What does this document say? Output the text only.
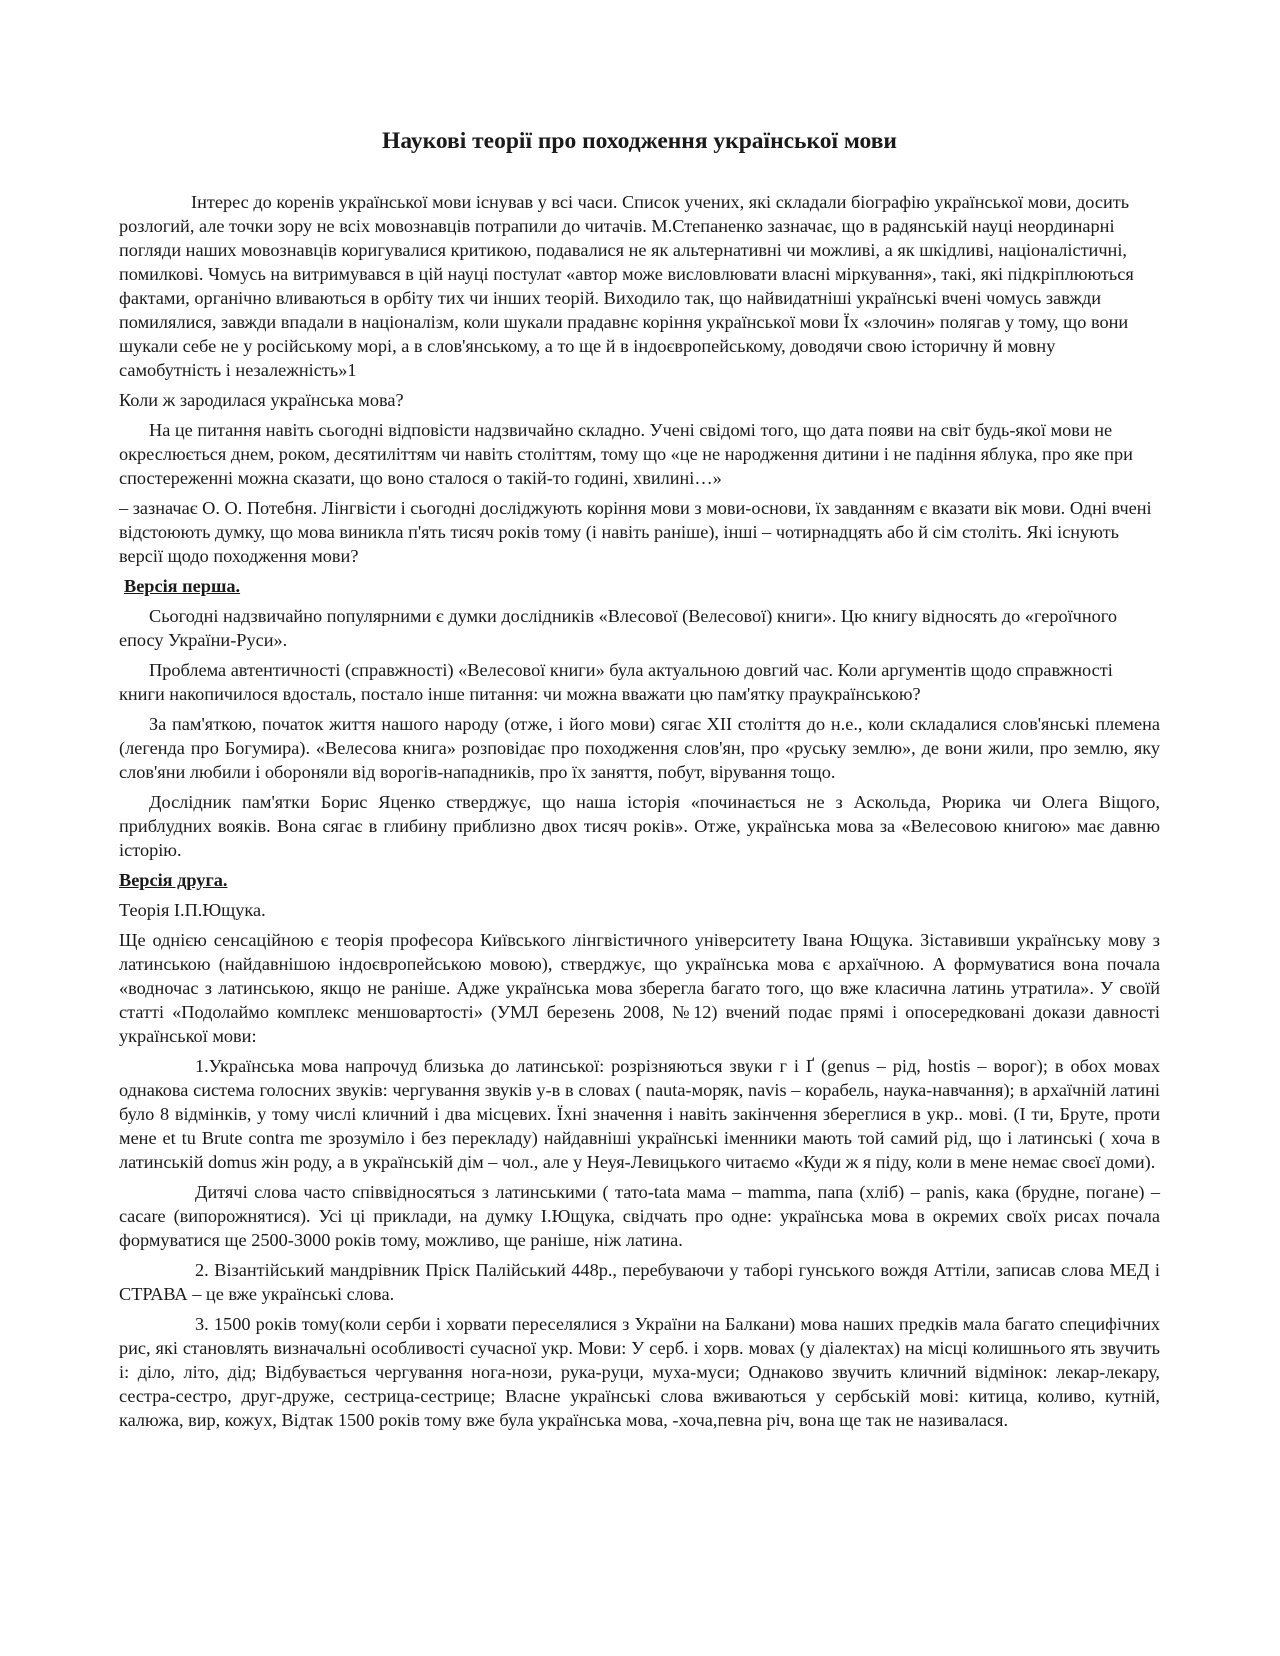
Наукові теорії про походження української мови

Інтерес до коренів української мови існував у всі часи. Список учених, які складали біографію української мови, досить розлогий, але точки зору не всіх мовознавців потрапили до читачів. М.Степаненко зазначає, що в радянській науці неординарні погляди наших мовознавців коригувалися критикою, подавалися не як альтернативні чи можливі, а як шкідливі, націоналістичні, помилкові. Чомусь на витримувався в цій науці постулат «автор може висловлювати власні міркування», такі, які підкріплюються фактами, органічно вливаються в орбіту тих чи інших теорій. Виходило так, що найвидатніші українські вчені чомусь завжди помилялися, завжди впадали в націоналізм, коли шукали прадавнє коріння української мови Їх «злочин» полягав у тому, що вони шукали себе не у російському морі, а в слов'янському, а то ще й в індоєвропейському, доводячи свою історичну й мовну самобутність і незалежність»1

Коли ж зародилася українська мова?

На це питання навіть сьогодні відповісти надзвичайно складно. Учені свідомі того, що дата появи на світ будь-якої мови не окреслюється днем, роком, десятиліттям чи навіть століттям, тому що «це не народження дитини і не падіння яблука, про яке при спостереженні можна сказати, що воно сталося о такій-то годині, хвилині…»

– зазначає О. О. Потебня. Лінгвісти і сьогодні досліджують коріння мови з мови-основи, їх завданням є вказати вік мови. Одні вчені відстоюють думку, що мова виникла п'ять тисяч років тому (і навіть раніше), інші – чотирнадцять або й сім століть. Які існують версії щодо походження мови?

Версія перша.

Сьогодні надзвичайно популярними є думки дослідників «Влесової (Велесової) книги». Цю книгу відносять до «героїчного епосу України-Руси».

Проблема автентичності (справжності) «Велесової книги» була актуальною довгий час. Коли аргументів щодо справжності книги накопичилося вдосталь, постало інше питання: чи можна вважати цю пам'ятку праукраїнською?

За пам'яткою, початок життя нашого народу (отже, і його мови) сягає XII століття до н.е., коли складалися слов'янські племена (легенда про Богумира). «Велесова книга» розповідає про походження слов'ян, про «руську землю», де вони жили, про землю, яку слов'яни любили і обороняли від ворогів-нападників, про їх заняття, побут, вірування тощо.

Дослідник пам'ятки Борис Яценко стверджує, що наша історія «починається не з Аскольда, Рюрика чи Олега Віщого, приблудних вояків. Вона сягає в глибину приблизно двох тисяч років». Отже, українська мова за «Велесовою книгою» має давню історію.

Версія друга.

Теорія І.П.Ющука.

Ще однією сенсаційною є теорія професора Київського лінгвістичного університету Івана Ющука. Зіставивши українську мову з латинською (найдавнішою індоєвропейською мовою), стверджує, що українська мова є архаїчною. А формуватися вона почала «водночас з латинською, якщо не раніше. Адже українська мова зберегла багато того, що вже класична латинь утратила». У своїй статті «Подолаймо комплекс меншовартості» (УМЛ березень 2008, №12) вчений подає прямі і опосередковані докази давності української мови:

1.Українська мова напрочуд близька до латинської: розрізняються звуки г і Ґ (genus – рід, hostis – ворог); в обох мовах однакова система голосних звуків: чергування звуків у-в в словах ( nauta-моряк, navis – корабель, наука-навчання); в архаїчній латині було 8 відмінків, у тому числі кличний і два місцевих. Їхні значення і навіть закінчення збереглися в укр.. мові. (І ти, Бруте, проти мене et tu Brute contra me зрозуміло і без перекладу) найдавніші українські іменники мають той самий рід, що і латинські ( хоча в латинській domus жін роду, а в українській дім – чол., але у Неуя-Левицького читаємо «Куди ж я піду, коли в мене немає своєї доми).

Дитячі слова часто співвідносяться з латинськими ( тато-tata мама – mamma, папа (хліб) – panis, кака (брудне, погане) – cacare (випорожнятися). Усі ці приклади, на думку І.Ющука, свідчать про одне: українська мова в окремих своїх рисах почала формуватися ще 2500-3000 років тому, можливо, ще раніше, ніж латина.

2. Візантійський мандрівник Пріск Палійський 448р., перебуваючи у таборі гунського вождя Аттіли, записав слова МЕД і СТРАВА – це вже українські слова.

3. 1500 років тому(коли серби і хорвати переселялися з України на Балкани) мова наших предків мала багато специфічних рис, які становлять визначальні особливості сучасної укр. Мови: У серб. і хорв. мовах (у діалектах) на місці колишнього ять звучить і: діло, літо, дід; Відбувається чергування нога-нози, рука-руци, муха-муси; Однаково звучить кличний відмінок: лекар-лекару, сестра-сестро, друг-друже, сестрица-сестрице; Власне українські слова вживаються у сербській мові: китица, коливо, кутній, калюжа, вир, кожух, Відтак 1500 років тому вже була українська мова, -хоча,певна річ, вона ще так не називалася.
